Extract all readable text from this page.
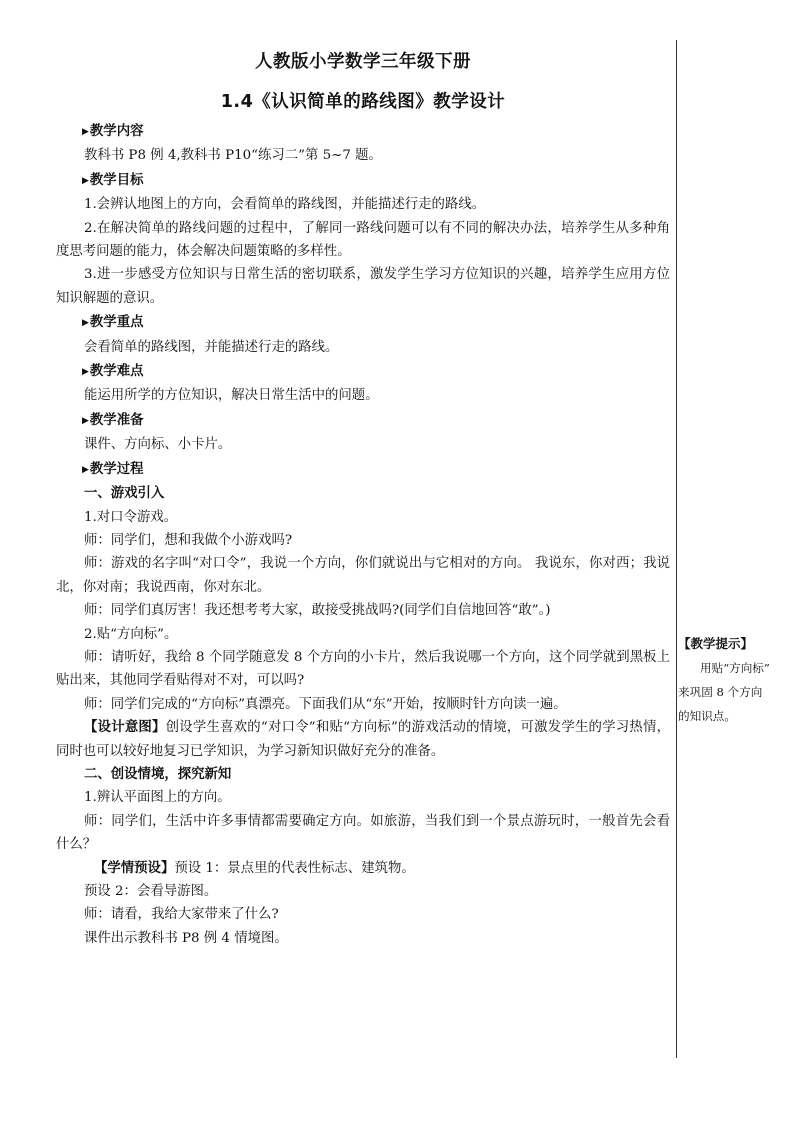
人教版小学数学三年级下册
1.4《认识简单的路线图》教学设计
▶教学内容

教科书 P8 例 4,教科书 P10“练习二”第 5~7 题。

▶教学目标

1.会辨认地图上的方向，会看简单的路线图，并能描述行走的路线。

2.在解决简单的路线问题的过程中，了解同一路线问题可以有不同的解决办法，培养学生从多种角度思考问题的能力，体会解决问题策略的多样性。

3.进一步感受方位知识与日常生活的密切联系，激发学生学习方位知识的兴趣，培养学生应用方位知识解题的意识。

▶教学重点

会看简单的路线图，并能描述行走的路线。

▶教学难点

能运用所学的方位知识，解决日常生活中的问题。

▶教学准备

课件、方向标、小卡片。

▶教学过程

一、游戏引入

1.对口令游戏。

师：同学们，想和我做个小游戏吗?

师：游戏的名字叫“对口令”，我说一个方向，你们就说出与它相对的方向。 我说东，你对西；我说北，你对南；我说西南，你对东北。

师：同学们真厉害！我还想考考大家，敢接受挑战吗?(同学们自信地回答“敢”。)

2.贴“方向标”。

师：请听好，我给 8 个同学随意发 8 个方向的小卡片，然后我说哪一个方向，这个同学就到黑板上贴出来，其他同学看贴得对不对，可以吗?

师：同学们完成的“方向标”真漂亮。下面我们从“东”开始，按顺时针方向读一遍。

【设计意图】创设学生喜欢的“对口令”和贴“方向标”的游戏活动的情境，可激发学生的学习热情，同时也可以较好地复习已学知识，为学习新知识做好充分的准备。

二、创设情境，探究新知

1.辨认平面图上的方向。

师：同学们，生活中许多事情都需要确定方向。如旅游，当我们到一个景点游玩时，一般首先会看什么？

【学情预设】预设 1：景点里的代表性标志、建筑物。

预设 2：会看导游图。

师：请看，我给大家带来了什么?

课件出示教科书 P8 例 4 情境图。

【教学提示】
用贴“方向标”
来巩固 8 个方向
的知识点。
